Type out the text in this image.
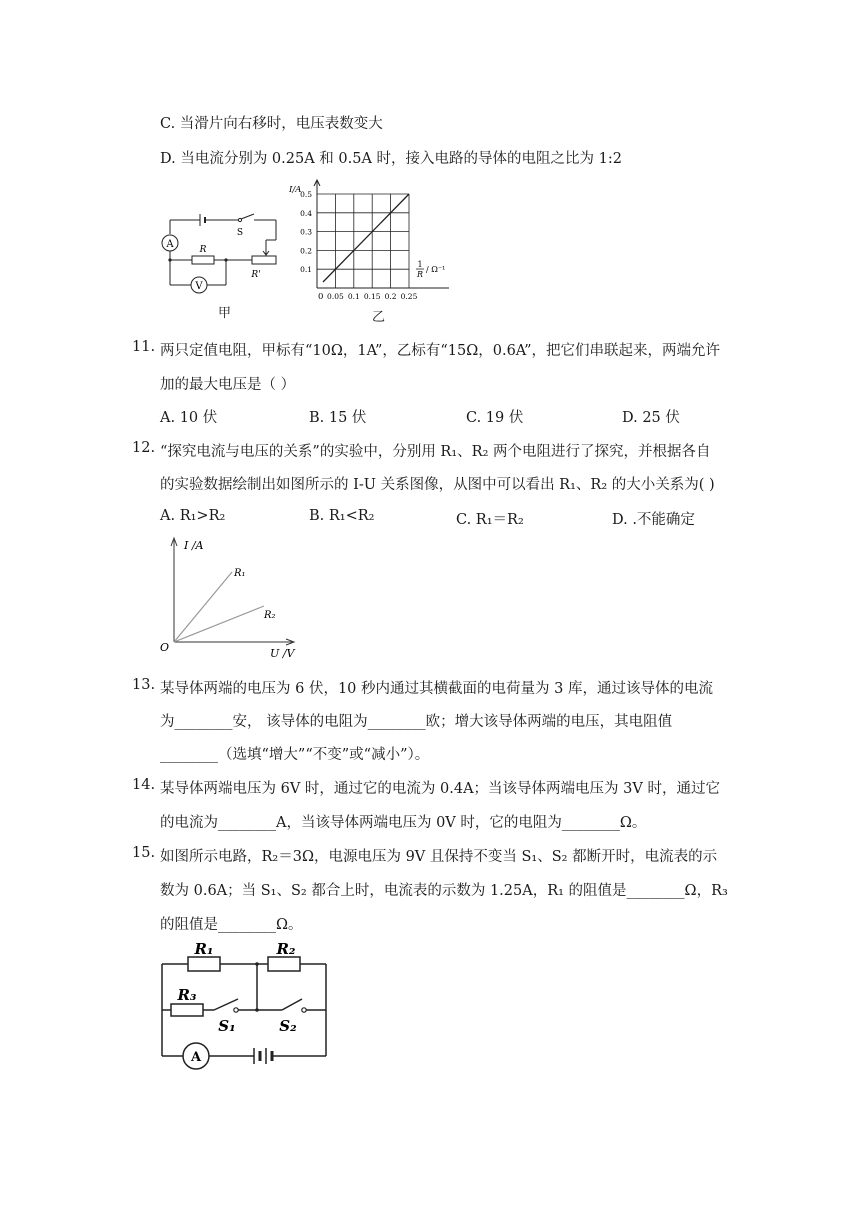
C. 当滑片向右移时，电压表数变大
D. 当电流分别为 0.25A 和 0.5A 时，接入电路的导体的电阻之比为 1:2
A
V
S
R
R'
甲
0.1
0.2
0.3
0.4
0.5
0.05 0.1 0.15 0.2 0.25
I/A
0
1
R
/ Ω⁻¹
乙
11. 两只定值电阻，甲标有“10Ω，1A”，乙标有“15Ω，0.6A”，把它们串联起来，两端允许
加的最大电压是（ ）
A. 10 伏	B. 15 伏	C. 19 伏	D. 25 伏
12. “探究电流与电压的关系”的实验中，分别用 R₁、R₂ 两个电阻进行了探究，并根据各自
的实验数据绘制出如图所示的 I-U 关系图像，从图中可以看出 R₁、R₂ 的大小关系为( )
A. R₁>R₂	B. R₁<R₂	C. R₁＝R₂	D. .不能确定
I /A
O	U /V
R₁
R₂
13. 某导体两端的电压为 6 伏，10 秒内通过其横截面的电荷量为 3 库，通过该导体的电流
为________安， 该导体的电阻为________欧；增大该导体两端的电压，其电阻值
________（选填“增大”“不变”或“减小”）。
14. 某导体两端电压为 6V 时，通过它的电流为 0.4A；当该导体两端电压为 3V 时，通过它
的电流为________A，当该导体两端电压为 0V 时，它的电阻为________Ω。
15. 如图所示电路，R₂＝3Ω，电源电压为 9V 且保持不变当 S₁、S₂ 都断开时，电流表的示
数为 0.6A；当 S₁、S₂ 都合上时，电流表的示数为 1.25A，R₁ 的阻值是________Ω，R₃
的阻值是________Ω。
R₁	R₂
R₃
S₁	S₂
A
